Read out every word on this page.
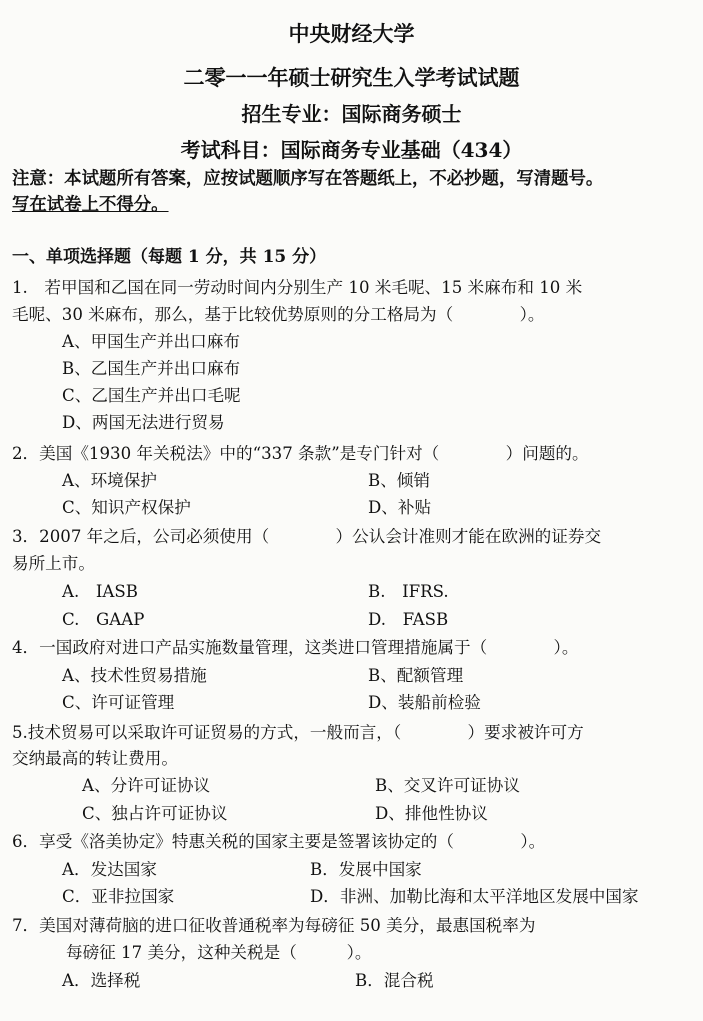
中央财经大学
二零一一年硕士研究生入学考试试题
招生专业：国际商务硕士
考试科目：国际商务专业基础（434）
注意：本试题所有答案，应按试题顺序写在答题纸上，不必抄题，写清题号。
写在试卷上不得分。
一、单项选择题（每题 1 分，共 15 分）
1.　若甲国和乙国在同一劳动时间内分别生产 10 米毛呢、15 米麻布和 10 米
毛呢、30 米麻布，那么，基于比较优势原则的分工格局为（　　　　）。
A、甲国生产并出口麻布
B、乙国生产并出口麻布
C、乙国生产并出口毛呢
D、两国无法进行贸易
2．美国《1930 年关税法》中的“337 条款”是专门针对（　　　　）问题的。
A、环境保护	B、倾销
C、知识产权保护	D、补贴
3．2007 年之后，公司必须使用（　　　　）公认会计准则才能在欧洲的证券交
易所上市。
A.　IASB	B.　IFRS.
C.　GAAP	D.　FASB
4．一国政府对进口产品实施数量管理，这类进口管理措施属于（　　　　）。
A、技术性贸易措施	B、配额管理
C、许可证管理	D、装船前检验
5.技术贸易可以采取许可证贸易的方式，一般而言，（　　　　）要求被许可方
交纳最高的转让费用。
A、分许可证协议	B、交叉许可证协议
C、独占许可证协议	D、排他性协议
6．享受《洛美协定》特惠关税的国家主要是签署该协定的（　　　　）。
A．发达国家	B．发展中国家
C．亚非拉国家	D．非洲、加勒比海和太平洋地区发展中国家
7．美国对薄荷脑的进口征收普通税率为每磅征 50 美分，最惠国税率为
每磅征 17 美分，这种关税是（　　　）。
A．选择税	B．混合税
